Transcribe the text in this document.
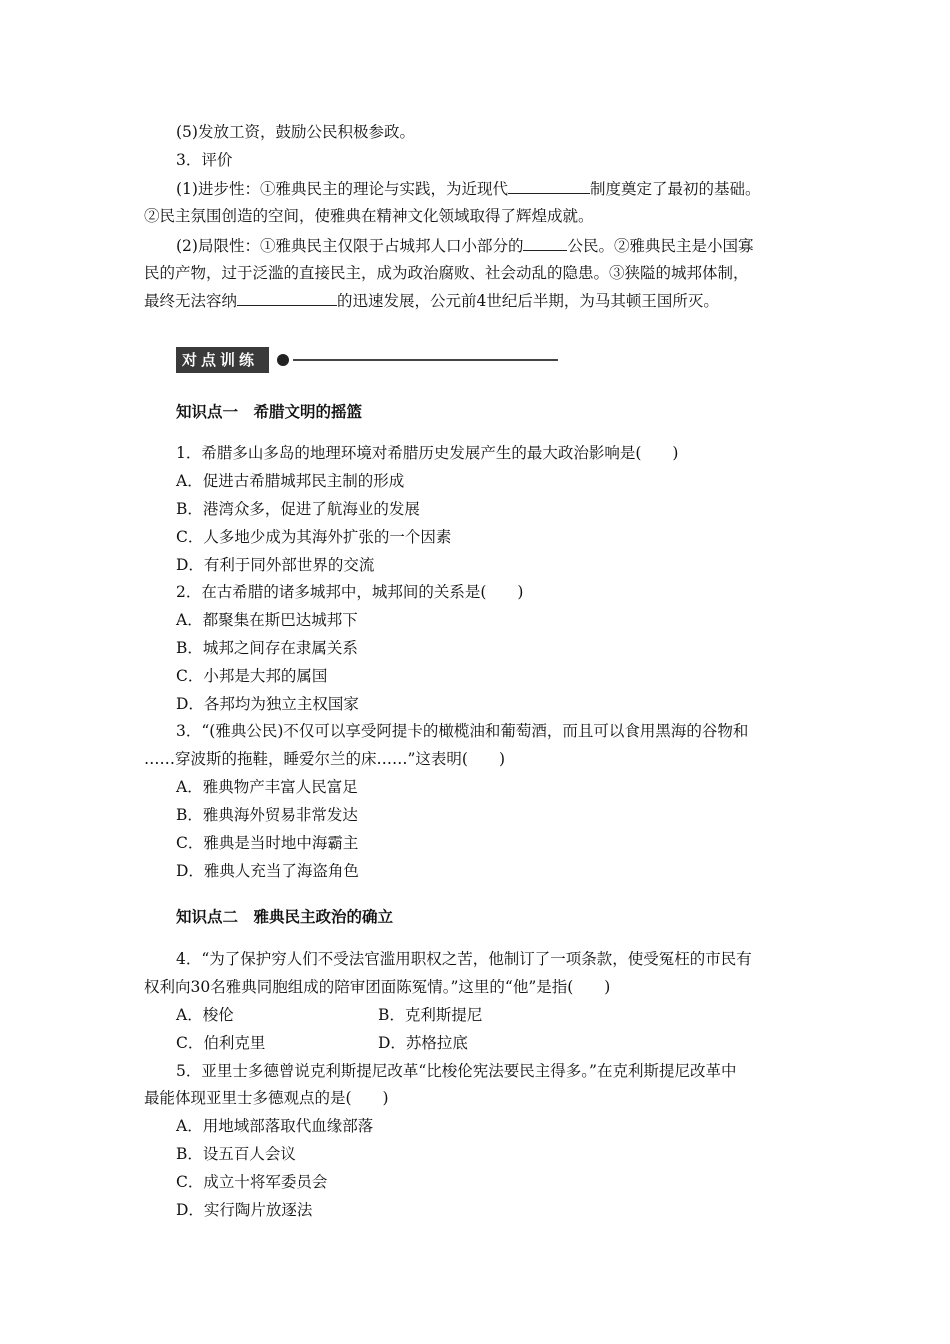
(5)发放工资，鼓励公民积极参政。
3．评价
(1)进步性：①雅典民主的理论与实践，为近现代	制度奠定了最初的基础。
②民主氛围创造的空间，使雅典在精神文化领域取得了辉煌成就。
(2)局限性：①雅典民主仅限于占城邦人口小部分的	公民。②雅典民主是小国寡
民的产物，过于泛滥的直接民主，成为政治腐败、社会动乱的隐患。③狭隘的城邦体制，
最终无法容纳	的迅速发展，公元前4世纪后半期，为马其顿王国所灭。
对点训练
知识点一　希腊文明的摇篮
1．希腊多山多岛的地理环境对希腊历史发展产生的最大政治影响是(　　)
A．促进古希腊城邦民主制的形成
B．港湾众多，促进了航海业的发展
C．人多地少成为其海外扩张的一个因素
D．有利于同外部世界的交流
2．在古希腊的诸多城邦中，城邦间的关系是(　　)
A．都聚集在斯巴达城邦下
B．城邦之间存在隶属关系
C．小邦是大邦的属国
D．各邦均为独立主权国家
3．“(雅典公民)不仅可以享受阿提卡的橄榄油和葡萄酒，而且可以食用黑海的谷物和
……穿波斯的拖鞋，睡爱尔兰的床……”这表明(　　)
A．雅典物产丰富人民富足
B．雅典海外贸易非常发达
C．雅典是当时地中海霸主
D．雅典人充当了海盗角色
知识点二　雅典民主政治的确立
4．“为了保护穷人们不受法官滥用职权之苦，他制订了一项条款，使受冤枉的市民有
权利向30名雅典同胞组成的陪审团面陈冤情。”这里的“他”是指(　　)
A．梭伦	B．克利斯提尼
C．伯利克里	D．苏格拉底
5．亚里士多德曾说克利斯提尼改革“比梭伦宪法要民主得多。”在克利斯提尼改革中
最能体现亚里士多德观点的是(　　)
A．用地域部落取代血缘部落
B．设五百人会议
C．成立十将军委员会
D．实行陶片放逐法
